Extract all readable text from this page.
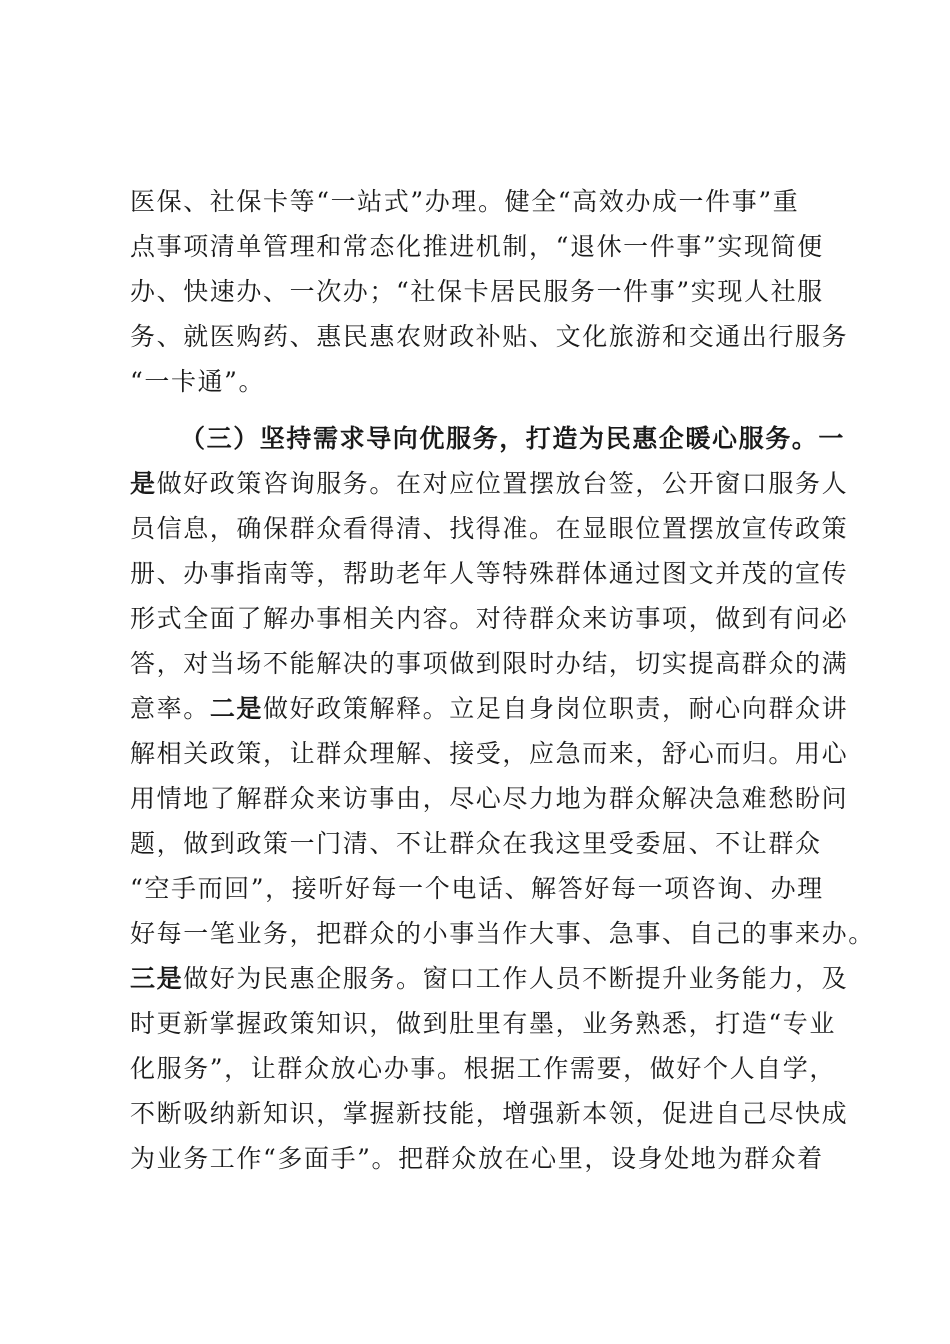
医保、社保卡等“一站式”办理。健全“高效办成一件事”重
点事项清单管理和常态化推进机制，“退休一件事”实现简便
办、快速办、一次办；“社保卡居民服务一件事”实现人社服
务、就医购药、惠民惠农财政补贴、文化旅游和交通出行服务
“一卡通”。
（三）坚持需求导向优服务，打造为民惠企暖心服务。一
是做好政策咨询服务。在对应位置摆放台签，公开窗口服务人
员信息，确保群众看得清、找得准。在显眼位置摆放宣传政策
册、办事指南等，帮助老年人等特殊群体通过图文并茂的宣传
形式全面了解办事相关内容。对待群众来访事项，做到有问必
答，对当场不能解决的事项做到限时办结，切实提高群众的满
意率。二是做好政策解释。立足自身岗位职责，耐心向群众讲
解相关政策，让群众理解、接受，应急而来，舒心而归。用心
用情地了解群众来访事由，尽心尽力地为群众解决急难愁盼问
题，做到政策一门清、不让群众在我这里受委屈、不让群众
“空手而回”，接听好每一个电话、解答好每一项咨询、办理
好每一笔业务，把群众的小事当作大事、急事、自己的事来办。
三是做好为民惠企服务。窗口工作人员不断提升业务能力，及
时更新掌握政策知识，做到肚里有墨，业务熟悉，打造“专业
化服务”，让群众放心办事。根据工作需要，做好个人自学，
不断吸纳新知识，掌握新技能，增强新本领，促进自己尽快成
为业务工作“多面手”。把群众放在心里，设身处地为群众着
